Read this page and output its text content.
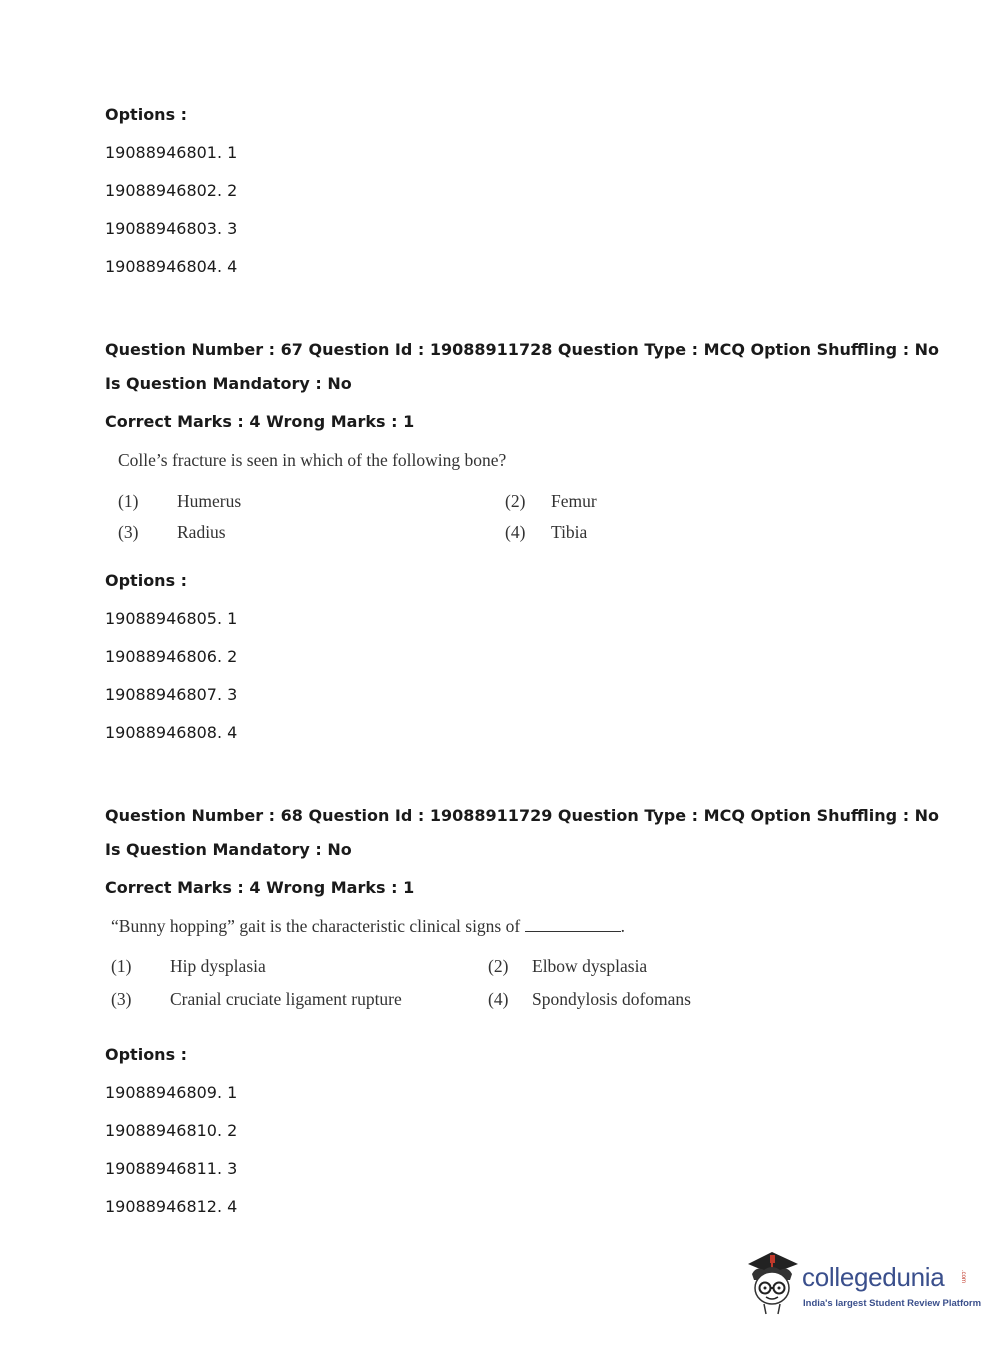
Options :
19088946801. 1
19088946802. 2
19088946803. 3
19088946804. 4
Question Number : 67 Question Id : 19088911728 Question Type : MCQ Option Shuffling : No
Is Question Mandatory : No
Correct Marks : 4 Wrong Marks : 1
Colle’s fracture is seen in which of the following bone?
(1) Humerus	(2) Femur
(3) Radius	(4) Tibia
Options :
19088946805. 1
19088946806. 2
19088946807. 3
19088946808. 4
Question Number : 68 Question Id : 19088911729 Question Type : MCQ Option Shuffling : No
Is Question Mandatory : No
Correct Marks : 4 Wrong Marks : 1
“Bunny hopping” gait is the characteristic clinical signs of	.
(1) Hip dysplasia	(2) Elbow dysplasia
(3) Cranial cruciate ligament rupture	(4) Spondylosis dofomans
Options :
19088946809. 1
19088946810. 2
19088946811. 3
19088946812. 4
collegedunia	.com
India's largest Student Review Platform
